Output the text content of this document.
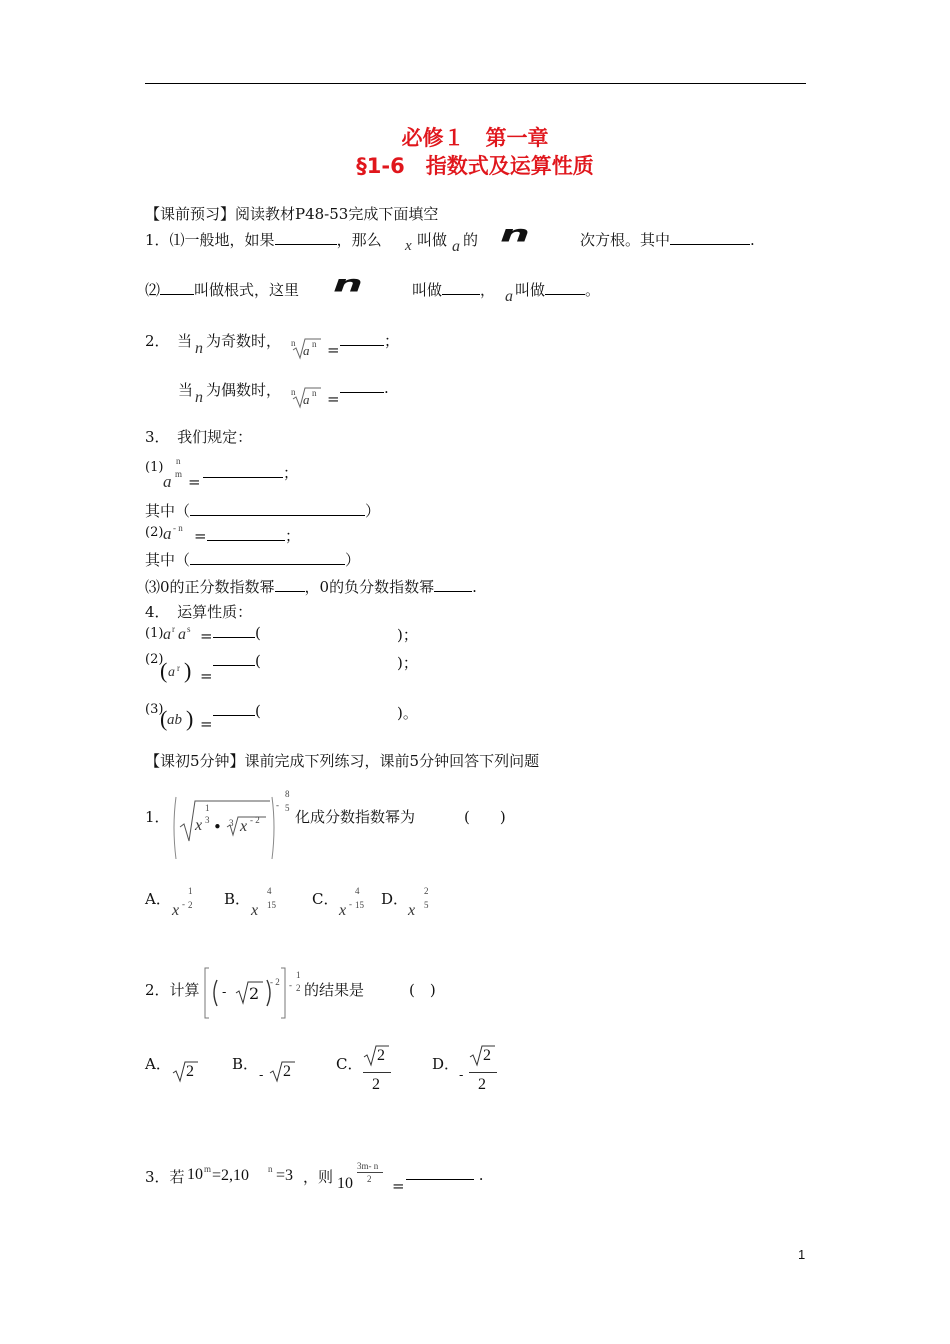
必修１　第一章
§1-6　指数式及运算性质
【课前预习】阅读教材P48-53完成下面填空
1．⑴一般地，如果	，那么 x 叫做 a 的 n	次方根。其中	.
⑵ 叫做根式，这里 n	叫做	， a 叫做	。
2．　 当 n 为奇数时， n a n =	；
当 n 为偶数时， n a n =
.
3．　 我们规定：
(1) n
m
a =	；
其中（	）
(2) a - n =	；
其中（	）
⑶0的正分数指数幂 ，0的负分数指数幂	.
4．　 运算性质：
(1) a r a s =	(	)；
(2)
( a r ) =
(	)；
(3)
( ab ) =
(	)。
【课初5分钟】课前完成下列练习，课前5分钟回答下列问题
1． x
1
3 • 3 x - 2
-
8
5 化成分数指数幂为	(　　)
A．
x -
1
2 B．
x
4
15 C．
x -
4
15 D．
x
2
5
2．计算 - 2
- 2 -
1
2 的结果是	(　)
A． 2	B．
- 2	C． 2
2
D．
-
2
2
3．若 10 m =2,10 n =3 ，则 10
3m- n
2 =
.
1
